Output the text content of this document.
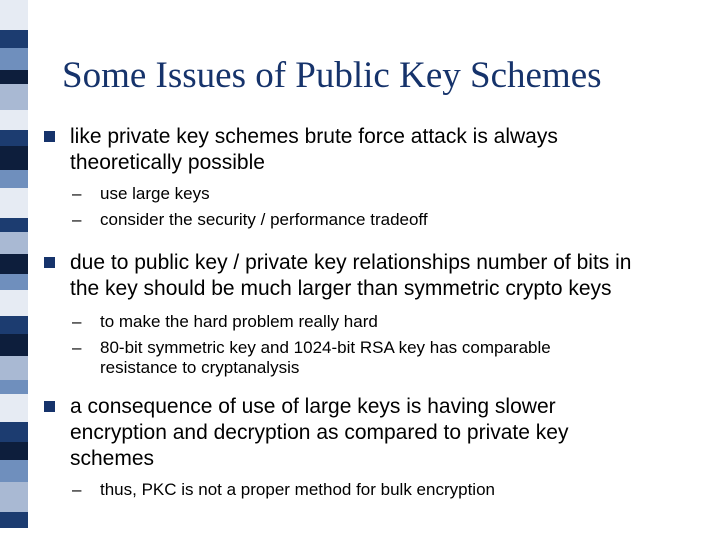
Some Issues of Public Key Schemes
like private key schemes brute force attack is always theoretically possible
– use large keys
– consider the security / performance tradeoff
due to public key / private key relationships number of bits in the key should be much larger than symmetric crypto keys
– to make the hard problem really hard
– 80-bit symmetric key and 1024-bit RSA key has comparable resistance to cryptanalysis
a consequence of use of large keys is having slower encryption and decryption as compared to private key schemes
– thus, PKC is not a proper method for bulk encryption
